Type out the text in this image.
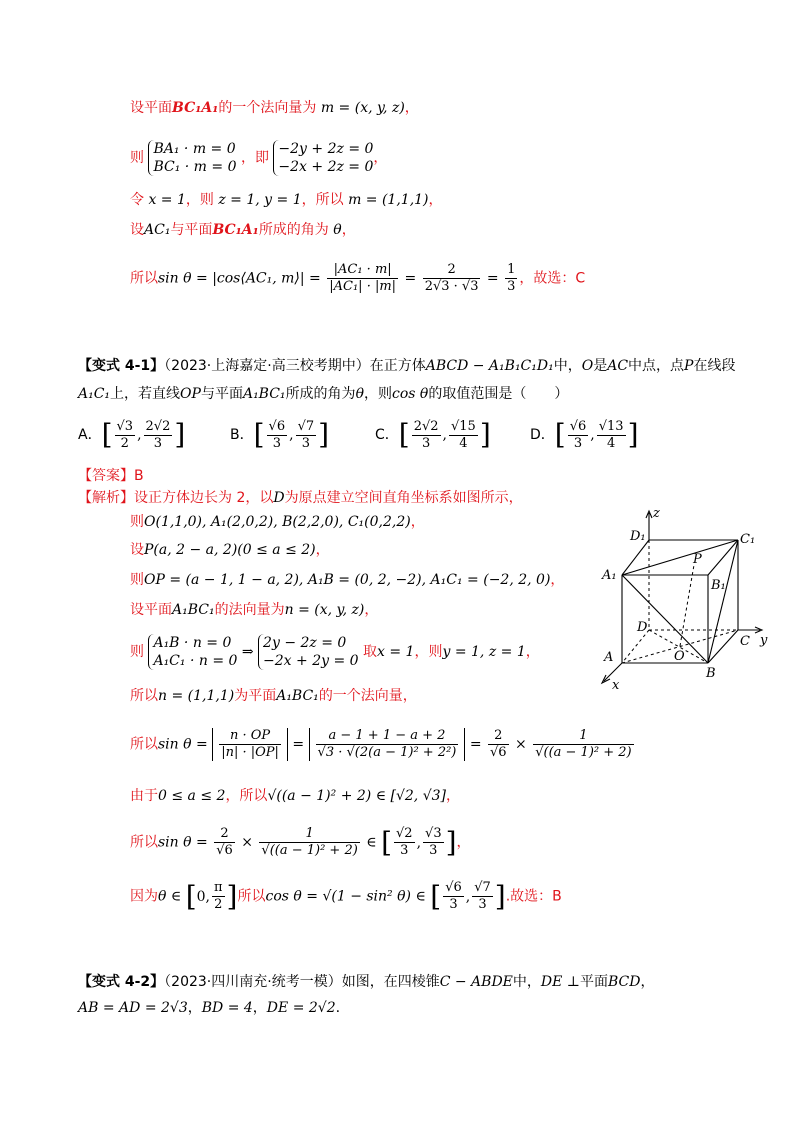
设平面BC₁A₁的一个法向量为 m = (x, y, z)，
则
BA₁ · m = 0
BC₁ · m = 0
，即
−2y + 2z = 0
−2x + 2z = 0
，
令 x = 1，则 z = 1, y = 1，所以 m = (1,1,1)，
设AC₁与平面BC₁A₁所成的角为 θ，
所以sin θ = |cos⟨AC₁, m⟩| = $\frac{\text{|AC₁ · m|}}{\text{|AC₁| · |m|}} = \frac{2}{2√3 \cdot √3} = \frac{1}{3}$ ，故选：C
【变式 4-1】（2023·上海嘉定·高三校考期中）在正方体ABCD − A₁B₁C₁D₁中，O是AC中点，点P在线段
A₁C₁上，若直线OP与平面A₁BC₁所成的角为θ，则cos θ的取值范围是（　　）
A．[ $\frac{√3}{2}$ , $\frac{2√2}{3}$ ]	B．[ $\frac{√6}{3}$ , $\frac{√7}{3}$ ]	C．[ $\frac{2√2}{3}$ , $\frac{√15}{4}$ ]	D．[ $\frac{√6}{3}$ , $\frac{√13}{4}$ ]
【答案】B
【解析】设正方体边长为 2，以D为原点建立空间直角坐标系如图所示，
则O(1,1,0), A₁(2,0,2), B(2,2,0), C₁(0,2,2)，
设P(a, 2 − a, 2)(0 ≤ a ≤ 2)，
则OP = (a − 1, 1 − a, 2), A₁B = (0, 2, −2), A₁C₁ = (−2, 2, 0)，
设平面A₁BC₁的法向量为n = (x, y, z)，
则
A₁B · n = 0
A₁C₁ · n = 0
⇒
2y − 2z = 0
−2x + 2y = 0
取x = 1，则y = 1, z = 1，
所以n = (1,1,1)为平面A₁BC₁的一个法向量，
所以$\sin \theta = \frac{n \cdot OP}{|n| \cdot |OP|} = \frac{a - 1 + 1 - a + 2}{\text{√3 · √(2(a − 1)² + 2²)}} = \frac{2}{√6} \times \frac{1}{\text{√((a − 1)² + 2)}}$
由于0 ≤ a ≤ 2，所以√((a − 1)² + 2) ∈ [√2, √3]，
所以$\sin \theta = \frac{2}{√6} \times \frac{1}{\text{√((a − 1)² + 2)}}$ ∈ [ $\frac{√2}{3}$ , $\frac{√3}{3}$ ]，
因为θ ∈ [0, $\frac{\pi}{2}$ ]所以cos θ = √(1 − sin² θ) ∈ [ $\frac{√6}{3}$ , $\frac{√7}{3}$ ].故选：B
z
D₁	C₁
P
A₁
B₁
D
C y
A	O
B
x
【变式 4-2】（2023·四川南充·统考一模）如图，在四棱锥C − ABDE中，DE ⊥平面BCD，
AB = AD = 2√3，BD = 4，DE = 2√2.
